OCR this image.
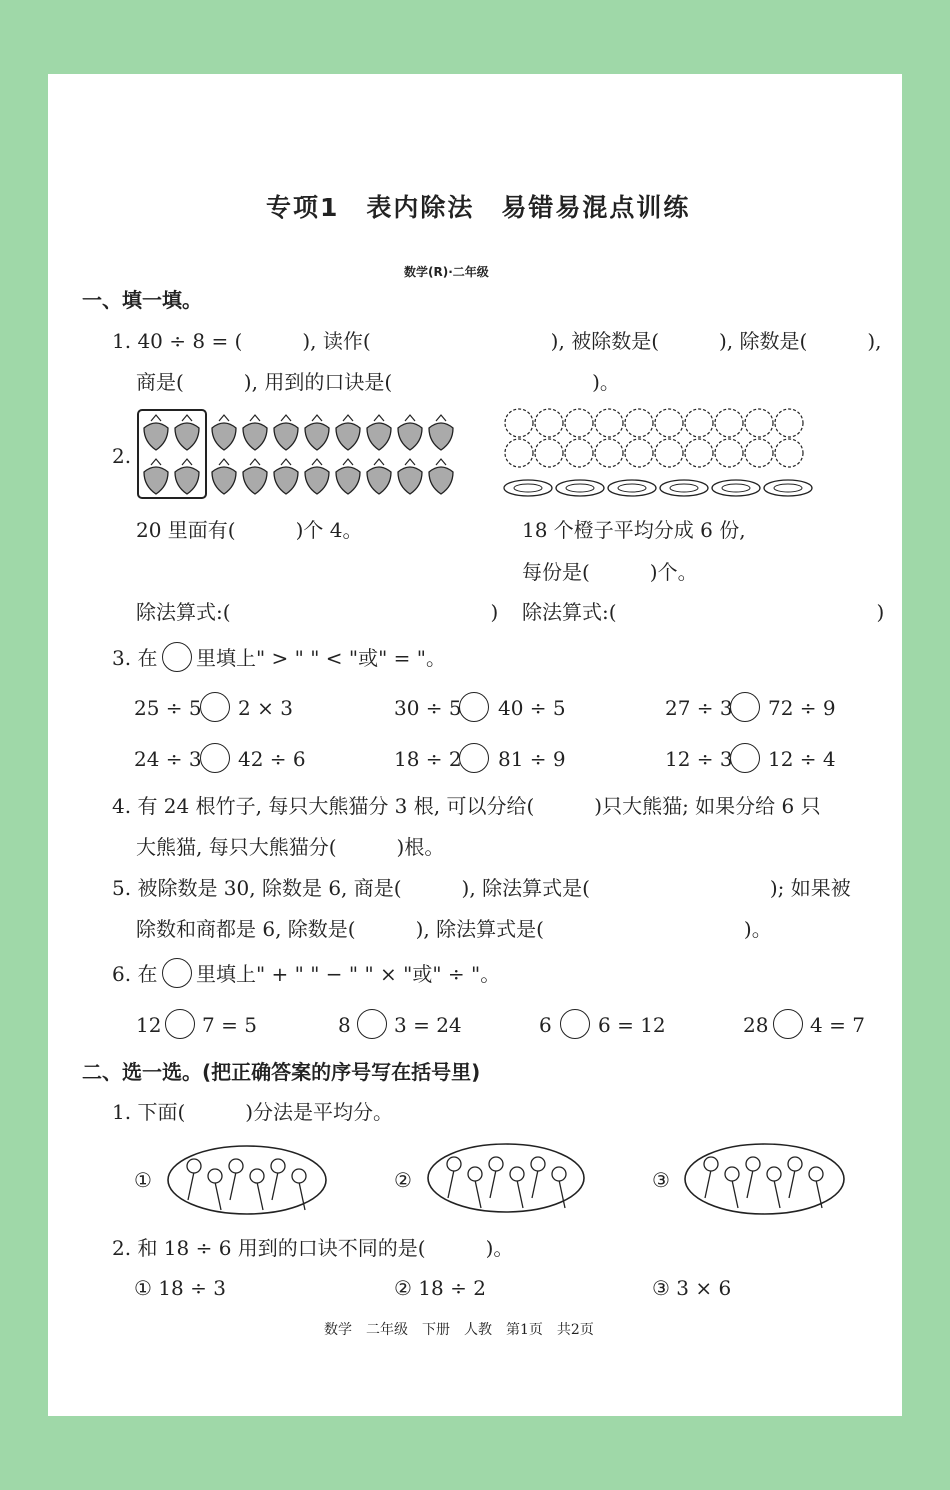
专项1　表内除法　易错易混点训练
数学(R)·二年级
一、填一填。
1. 40 ÷ 8 = (　　　), 读作(　　　　　　　　　), 被除数是(　　　), 除数是(　　　),
商是(　　　), 用到的口诀是(　　　　　　　　　　)。
2.
20 里面有(　　　)个 4。	18 个橙子平均分成 6 份,
每份是(　　　)个。
除法算式:(　　　　　　　　　　　　　) 除法算式:(　　　　　　　　　　　　　)
3. 在 里填上" > " " < "或" = "。
25 ÷ 5 2 × 3	30 ÷ 5 40 ÷ 5	27 ÷ 3 72 ÷ 9
24 ÷ 3 42 ÷ 6	18 ÷ 2 81 ÷ 9	12 ÷ 3 12 ÷ 4
4. 有 24 根竹子, 每只大熊猫分 3 根, 可以分给(　　　)只大熊猫; 如果分给 6 只
大熊猫, 每只大熊猫分(　　　)根。
5. 被除数是 30, 除数是 6, 商是(　　　), 除法算式是(　　　　　　　　　); 如果被
除数和商都是 6, 除数是(　　　), 除法算式是(　　　　　　　　　　)。
6. 在 里填上" + " " − " " × "或" ÷ "。
12 7 = 5	8 3 = 24	6 6 = 12	28 4 = 7
二、选一选。(把正确答案的序号写在括号里)
1. 下面(　　　)分法是平均分。
①	②	③
2. 和 18 ÷ 6 用到的口诀不同的是(　　　)。
① 18 ÷ 3	② 18 ÷ 2	③ 3 × 6
数学　二年级　下册　人教　第1页　共2页
